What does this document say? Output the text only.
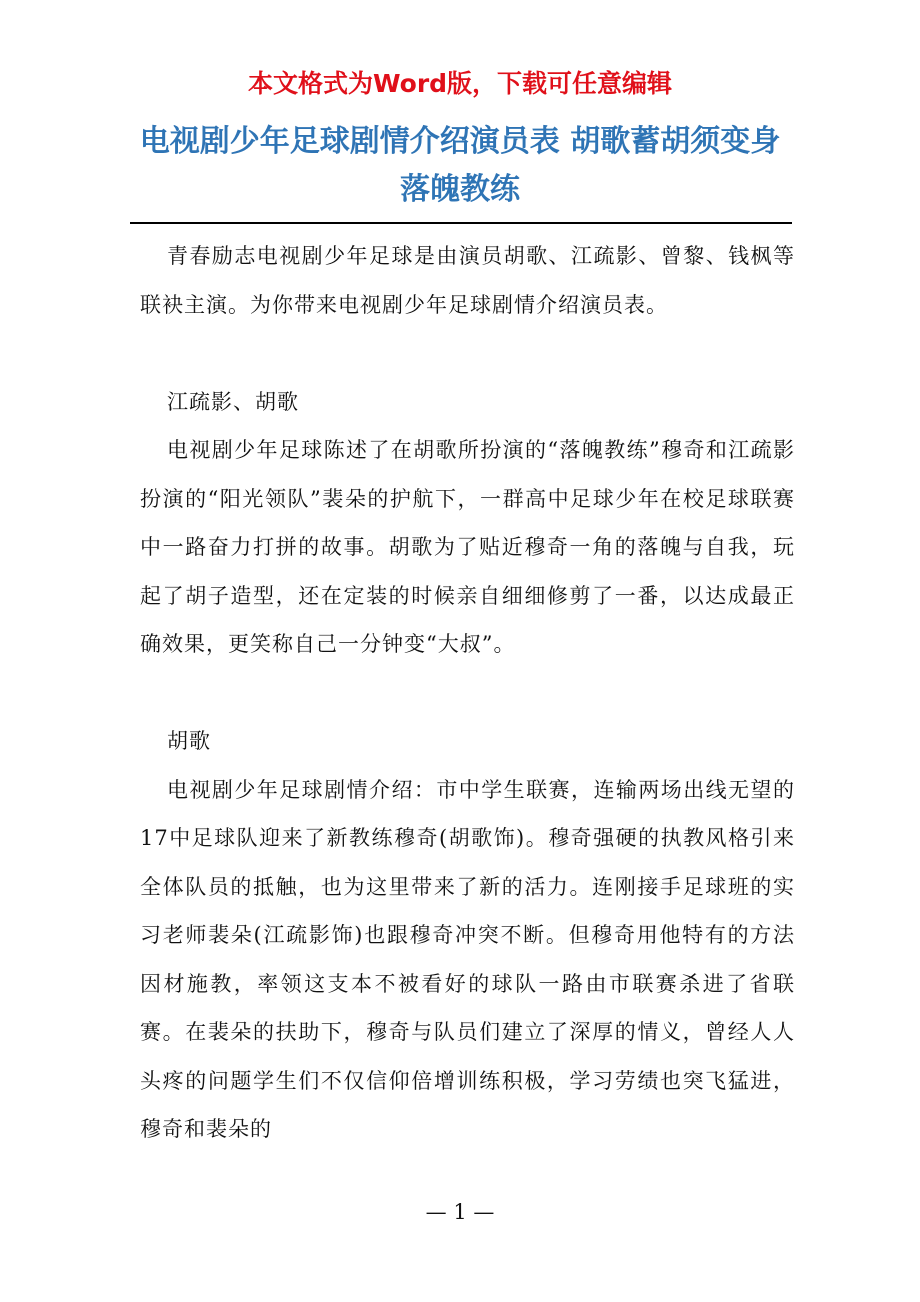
本文格式为Word版，下载可任意编辑
电视剧少年足球剧情介绍演员表 胡歌蓄胡须变身落魄教练

青春励志电视剧少年足球是由演员胡歌、江疏影、曾黎、钱枫等联袂主演。为你带来电视剧少年足球剧情介绍演员表。

江疏影、胡歌

电视剧少年足球陈述了在胡歌所扮演的“落魄教练”穆奇和江疏影扮演的“阳光领队”裴朵的护航下，一群高中足球少年在校足球联赛中一路奋力打拼的故事。胡歌为了贴近穆奇一角的落魄与自我，玩起了胡子造型，还在定装的时候亲自细细修剪了一番，以达成最正确效果，更笑称自己一分钟变“大叔”。

胡歌

电视剧少年足球剧情介绍：市中学生联赛，连输两场出线无望的17中足球队迎来了新教练穆奇(胡歌饰)。穆奇强硬的执教风格引来全体队员的抵触，也为这里带来了新的活力。连刚接手足球班的实习老师裴朵(江疏影饰)也跟穆奇冲突不断。但穆奇用他特有的方法因材施教，率领这支本不被看好的球队一路由市联赛杀进了省联赛。在裴朵的扶助下，穆奇与队员们建立了深厚的情义，曾经人人头疼的问题学生们不仅信仰倍增训练积极，学习劳绩也突飞猛进，穆奇和裴朵的

— 1 —
